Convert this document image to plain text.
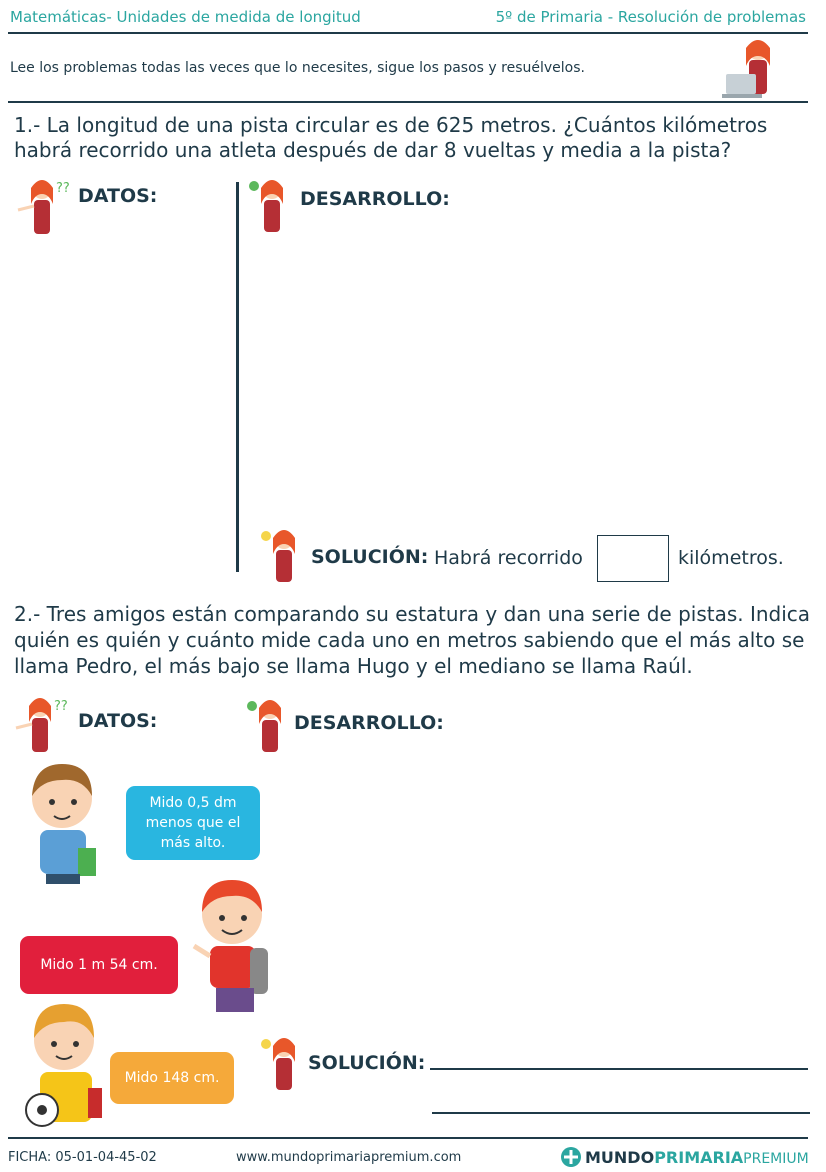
Matemáticas- Unidades de medida de longitud	5º de Primaria - Resolución de problemas
Lee los problemas todas las veces que lo necesites, sigue los pasos y resuélvelos.
1.- La longitud de una pista circular es de 625 metros. ¿Cuántos kilómetros habrá recorrido una atleta después de dar 8 vueltas y media a la pista?
?? DATOS:	DESARROLLO:
SOLUCIÓN: Habrá recorrido	kilómetros.
2.- Tres amigos están comparando su estatura y dan una serie de pistas. Indica quién es quién y cuánto mide cada uno en metros sabiendo que el más alto se llama Pedro, el más bajo se llama Hugo y el mediano se llama Raúl.
??
DATOS:	DESARROLLO:
Mido 0,5 dm menos que el más alto.
Mido 1 m 54 cm.
Mido 148 cm.
SOLUCIÓN:
FICHA: 05-01-04-45-02	www.mundoprimariapremium.com	MUNDOPRIMARIAPREMIUM
